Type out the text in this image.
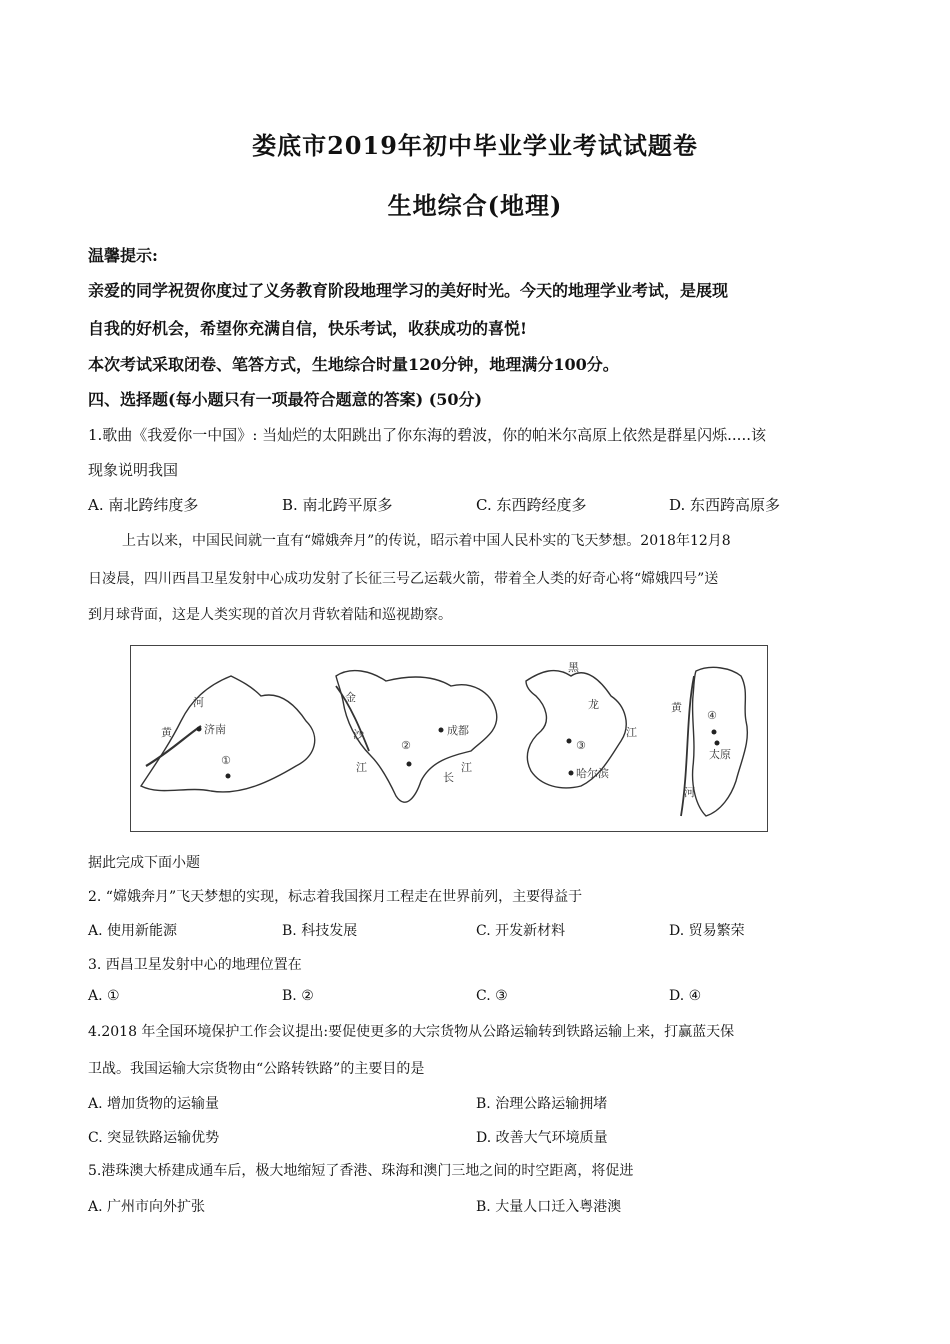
娄底市2019年初中毕业学业考试试题卷
生地综合(地理)
温馨提示:
亲爱的同学祝贺你度过了义务教育阶段地理学习的美好时光。今天的地理学业考试，是展现
自我的好机会，希望你充满自信，快乐考试，收获成功的喜悦!
本次考试采取闭卷、笔答方式，生地综合时量120分钟，地理满分100分。
四、选择题(每小题只有一项最符合题意的答案) (50分)
1.歌曲《我爱你一中国》: 当灿烂的太阳跳出了你东海的碧波，你的帕米尔高原上依然是群星闪烁.....该
现象说明我国
A. 南北跨纬度多	B. 南北跨平原多	C. 东西跨经度多	D. 东西跨高原多
上古以来，中国民间就一直有“嫦娥奔月”的传说，昭示着中国人民朴实的飞天梦想。2018年12月8
日凌晨，四川西昌卫星发射中心成功发射了长征三号乙运载火箭，带着全人类的好奇心将“嫦娥四号”送
到月球背面，这是人类实现的首次月背软着陆和巡视勘察。
河
黄	济南
①
金
沙
江
长
江
成都
②
黑
龙
江
③
哈尔滨
黄
河
④
太原
据此完成下面小题
2. “嫦娥奔月”飞天梦想的实现，标志着我国探月工程走在世界前列，主要得益于
A. 使用新能源	B. 科技发展	C. 开发新材料	D. 贸易繁荣
3. 西昌卫星发射中心的地理位置在
A. ①	B. ②	C. ③	D. ④
4.2018 年全国环境保护工作会议提出:要促使更多的大宗货物从公路运输转到铁路运输上来，打赢蓝天保
卫战。我国运输大宗货物由“公路转铁路”的主要目的是
A. 增加货物的运输量	B. 治理公路运输拥堵
C. 突显铁路运输优势	D. 改善大气环境质量
5.港珠澳大桥建成通车后，极大地缩短了香港、珠海和澳门三地之间的时空距离，将促进
A. 广州市向外扩张	B. 大量人口迁入粤港澳
